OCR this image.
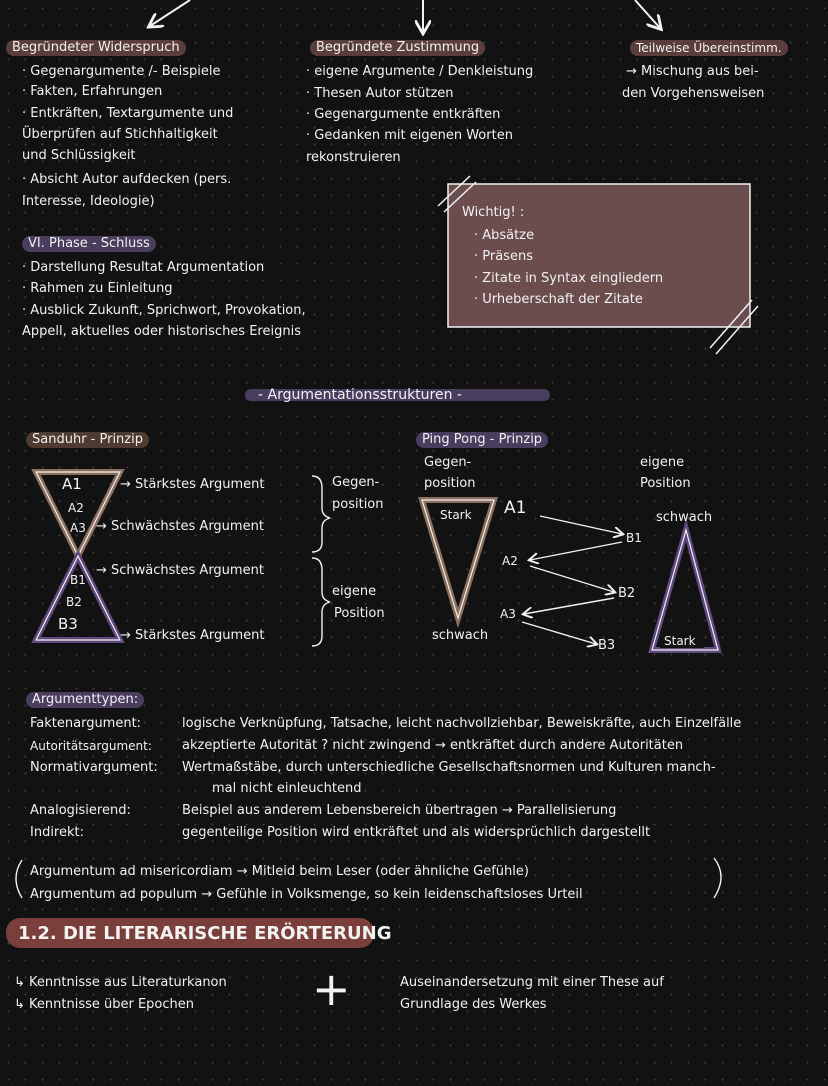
Begründeter Widerspruch
· Gegenargumente /- Beispiele
· Fakten, Erfahrungen
· Entkräften, Textargumente und
Überprüfen auf Stichhaltigkeit
und Schlüssigkeit
· Absicht Autor aufdecken (pers.
Interesse, Ideologie)
Begründete Zustimmung
· eigene Argumente / Denkleistung
· Thesen Autor stützen
· Gegenargumente entkräften
· Gedanken mit eigenen Worten
rekonstruieren
Teilweise Übereinstimm.
→ Mischung aus bei-
den Vorgehensweisen
VI. Phase - Schluss
· Darstellung Resultat Argumentation
· Rahmen zu Einleitung
· Ausblick Zukunft, Sprichwort, Provokation,
Appell, aktuelles oder historisches Ereignis
Wichtig! :
· Absätze
· Präsens
· Zitate in Syntax eingliedern
· Urheberschaft der Zitate
- Argumentationsstrukturen -
Sanduhr - Prinzip
A1
A2
A3
B1
B2
B3
→ Stärkstes Argument
→ Schwächstes Argument
→ Schwächstes Argument
→ Stärkstes Argument
Gegen-
position
eigene
Position
Ping Pong - Prinzip
Gegen-
position
eigene
Position
Stark
schwach
schwach
Stark
A1
B1
A2
B2
A3
B3
Argumenttypen:
Faktenargument:	logische Verknüpfung, Tatsache, leicht nachvollziehbar, Beweiskräfte, auch Einzelfälle
Autoritätsargument: akzeptierte Autorität ? nicht zwingend → entkräftet durch andere Autoritäten
Normativargument: Wertmaßstäbe, durch unterschiedliche Gesellschaftsnormen und Kulturen manch-
mal nicht einleuchtend
Analogisierend:	Beispiel aus anderem Lebensbereich übertragen → Parallelisierung
Indirekt:	gegenteilige Position wird entkräftet und als widersprüchlich dargestellt
Argumentum ad misericordiam → Mitleid beim Leser (oder ähnliche Gefühle)
Argumentum ad populum → Gefühle in Volksmenge, so kein leidenschaftsloses Urteil
1.2. DIE LITERARISCHE ERÖRTERUNG
↳ Kenntnisse aus Literaturkanon
↳ Kenntnisse über Epochen	+	Auseinandersetzung mit einer These auf
Grundlage des Werkes
